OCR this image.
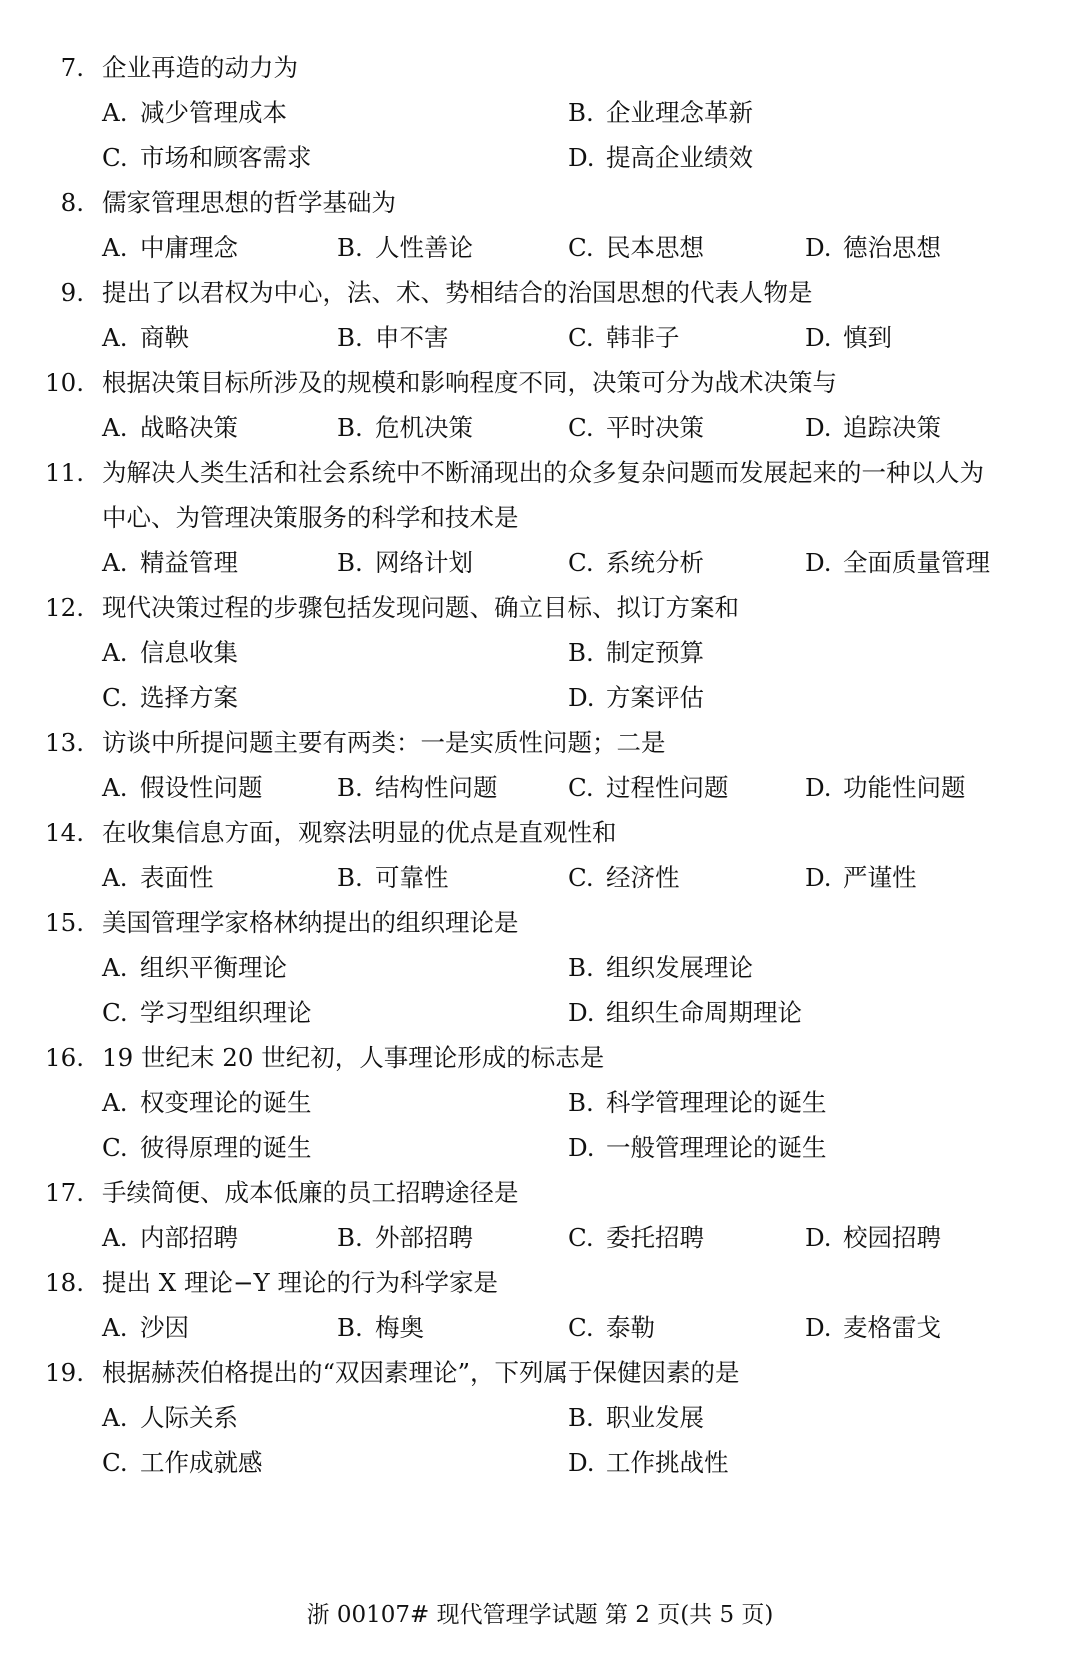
7. 企业再造的动力为
A. 减少管理成本	B. 企业理念革新
C. 市场和顾客需求	D. 提高企业绩效
8. 儒家管理思想的哲学基础为
A. 中庸理念	B. 人性善论	C. 民本思想	D. 德治思想
9. 提出了以君权为中心，法、术、势相结合的治国思想的代表人物是
A. 商鞅	B. 申不害	C. 韩非子	D. 慎到
10. 根据决策目标所涉及的规模和影响程度不同，决策可分为战术决策与
A. 战略决策	B. 危机决策	C. 平时决策	D. 追踪决策
11. 为解决人类生活和社会系统中不断涌现出的众多复杂问题而发展起来的一种以人为
中心、为管理决策服务的科学和技术是
A. 精益管理	B. 网络计划	C. 系统分析	D. 全面质量管理
12. 现代决策过程的步骤包括发现问题、确立目标、拟订方案和
A. 信息收集	B. 制定预算
C. 选择方案	D. 方案评估
13. 访谈中所提问题主要有两类：一是实质性问题；二是
A. 假设性问题	B. 结构性问题	C. 过程性问题	D. 功能性问题
14. 在收集信息方面，观察法明显的优点是直观性和
A. 表面性	B. 可靠性	C. 经济性	D. 严谨性
15. 美国管理学家格林纳提出的组织理论是
A. 组织平衡理论	B. 组织发展理论
C. 学习型组织理论	D. 组织生命周期理论
16. 19 世纪末 20 世纪初，人事理论形成的标志是
A. 权变理论的诞生	B. 科学管理理论的诞生
C. 彼得原理的诞生	D. 一般管理理论的诞生
17. 手续简便、成本低廉的员工招聘途径是
A. 内部招聘	B. 外部招聘	C. 委托招聘	D. 校园招聘
18. 提出 X 理论−Y 理论的行为科学家是
A. 沙因	B. 梅奥	C. 泰勒	D. 麦格雷戈
19. 根据赫茨伯格提出的“双因素理论”，下列属于保健因素的是
A. 人际关系	B. 职业发展
C. 工作成就感	D. 工作挑战性
浙 00107# 现代管理学试题 第 2 页(共 5 页)
